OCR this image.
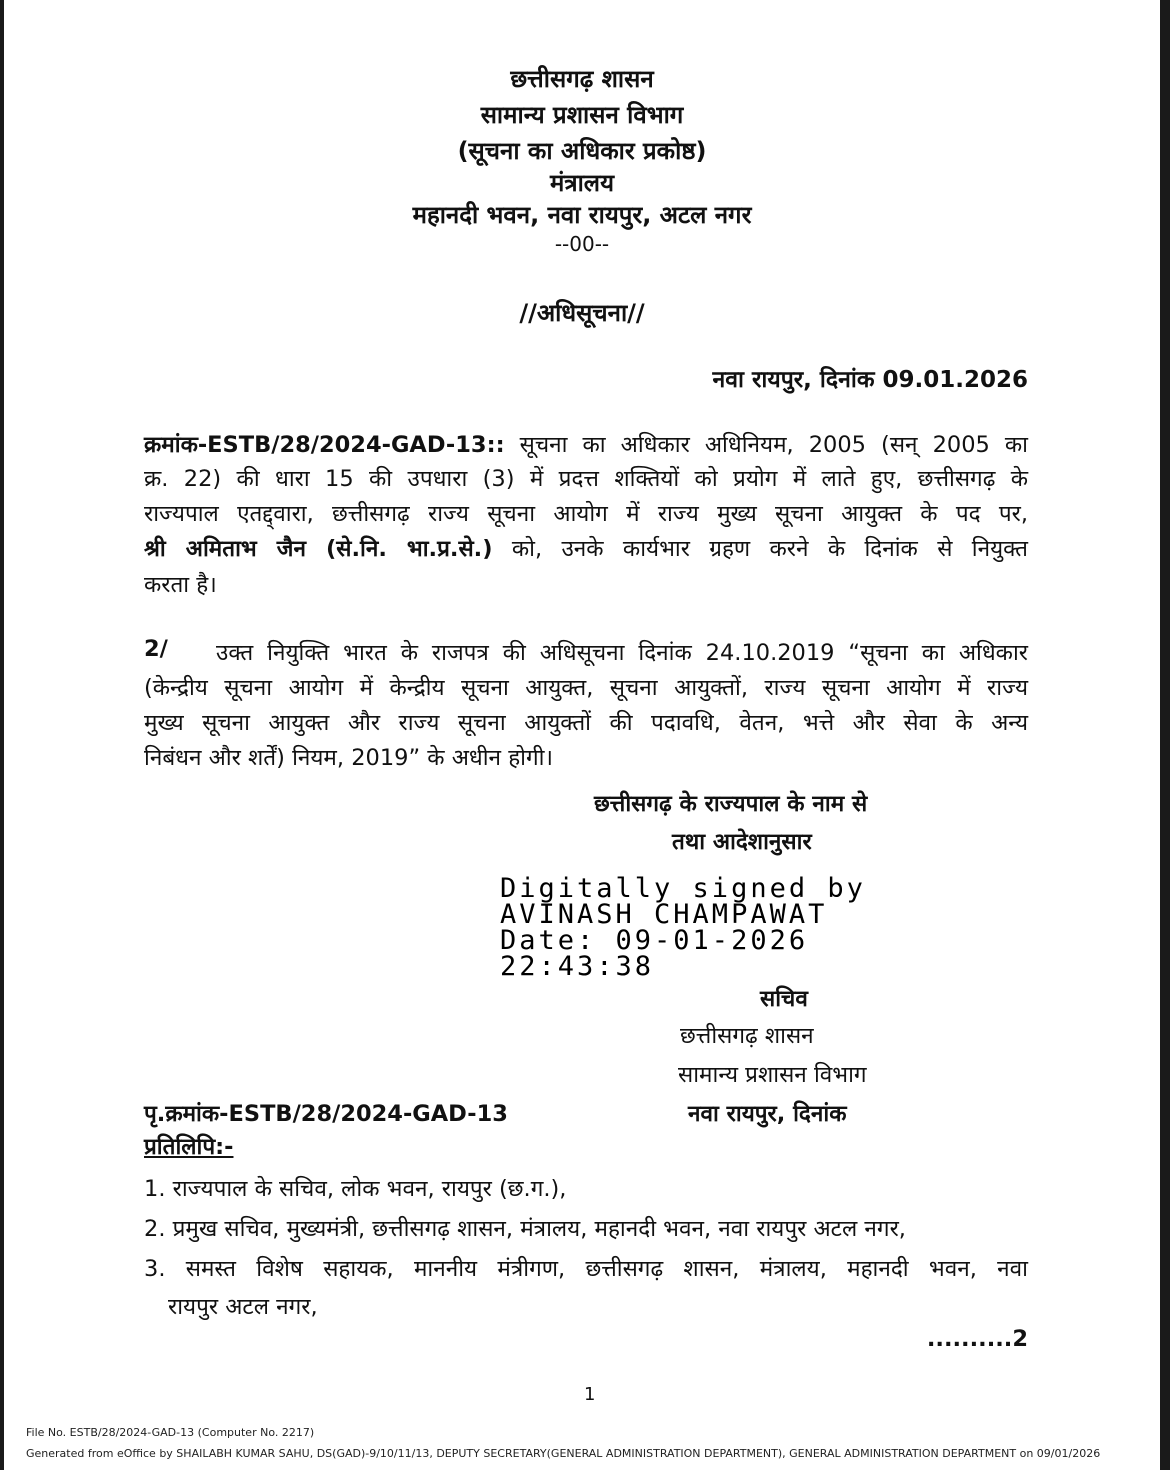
छत्तीसगढ़ शासन
सामान्य प्रशासन विभाग
(सूचना का अधिकार प्रकोष्ठ)
मंत्रालय
महानदी भवन, नवा रायपुर, अटल नगर
--00--
//अधिसूचना//
नवा रायपुर, दिनांक 09.01.2026
क्रमांक-ESTB/28/2024-GAD-13:: सूचना का अधिकार अधिनियम, 2005 (सन् 2005 का
क्र. 22) की धारा 15 की उपधारा (3) में प्रदत्त शक्तियों को प्रयोग में लाते हुए, छत्तीसगढ़ के
राज्यपाल एतद्द्वारा, छत्तीसगढ़ राज्य सूचना आयोग में राज्य मुख्य सूचना आयुक्त के पद पर,
श्री अमिताभ जैन (से.नि. भा.प्र.से.) को, उनके कार्यभार ग्रहण करने के दिनांक से नियुक्त
करता है।
2/ उक्त नियुक्ति भारत के राजपत्र की अधिसूचना दिनांक 24.10.2019 “सूचना का अधिकार
(केन्द्रीय सूचना आयोग में केन्द्रीय सूचना आयुक्त, सूचना आयुक्तों, राज्य सूचना आयोग में राज्य
मुख्य सूचना आयुक्त और राज्य सूचना आयुक्तों की पदावधि, वेतन, भत्ते और सेवा के अन्य
निबंधन और शर्तें) नियम, 2019” के अधीन होगी।
छत्तीसगढ़ के राज्यपाल के नाम से
तथा आदेशानुसार
Digitally signed by
AVINASH CHAMPAWAT
Date: 09-01-2026
22:43:38
सचिव
छत्तीसगढ़ शासन
सामान्य प्रशासन विभाग
पृ.क्रमांक-ESTB/28/2024-GAD-13	नवा रायपुर, दिनांक
प्रतिलिपि:-
1. राज्यपाल के सचिव, लोक भवन, रायपुर (छ.ग.),
2. प्रमुख सचिव, मुख्यमंत्री, छत्तीसगढ़ शासन, मंत्रालय, महानदी भवन, नवा रायपुर अटल नगर,
3. समस्त विशेष सहायक, माननीय मंत्रीगण, छत्तीसगढ़ शासन, मंत्रालय, महानदी भवन, नवा
रायपुर अटल नगर,
..........2
1
File No. ESTB/28/2024-GAD-13 (Computer No. 2217)
Generated from eOffice by SHAILABH KUMAR SAHU, DS(GAD)-9/10/11/13, DEPUTY SECRETARY(GENERAL ADMINISTRATION DEPARTMENT), GENERAL ADMINISTRATION DEPARTMENT on 09/01/2026
